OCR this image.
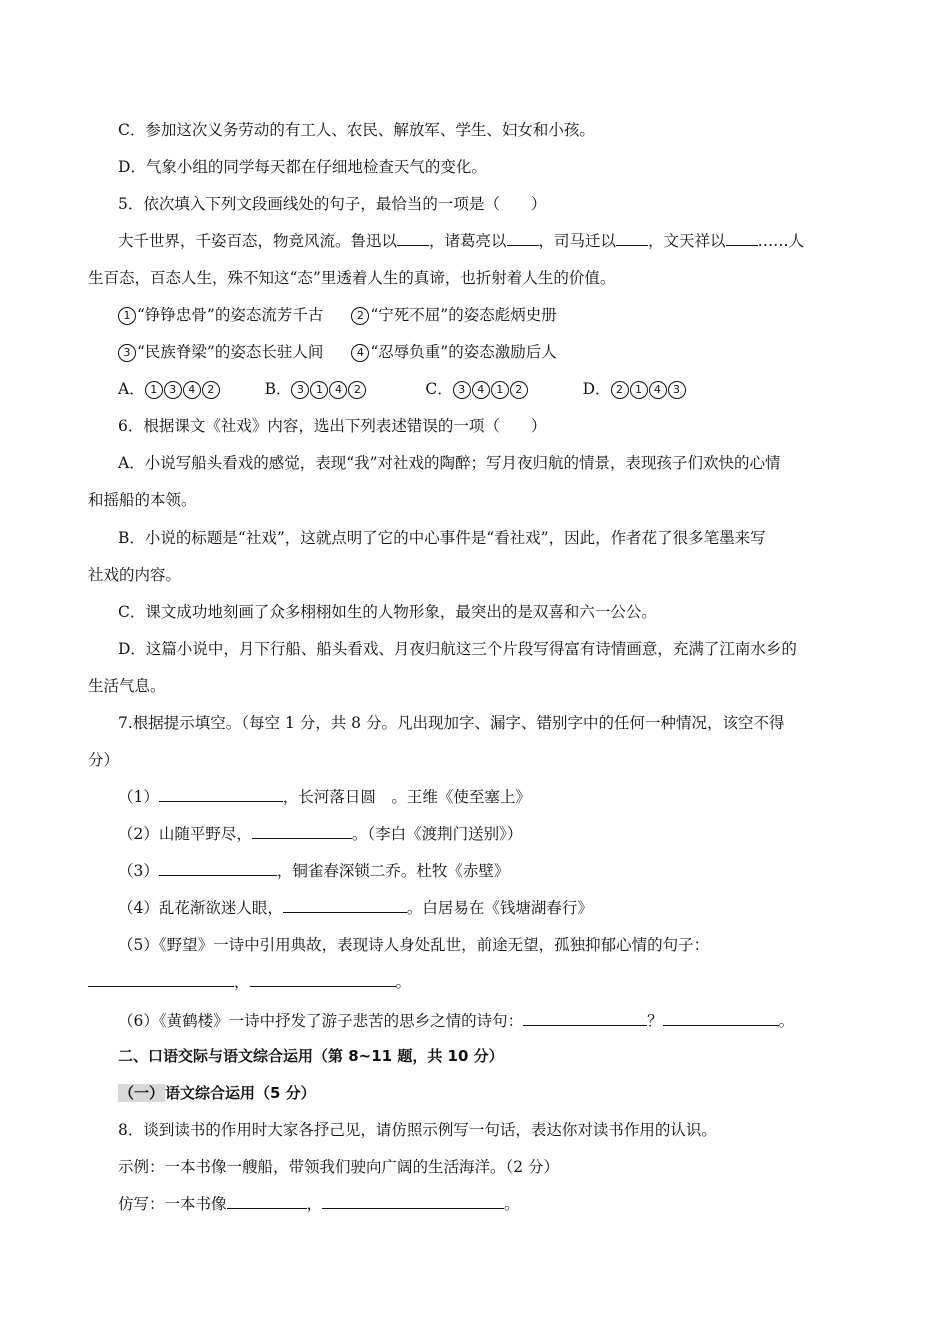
C．参加这次义务劳动的有工人、农民、解放军、学生、妇女和小孩。
D．气象小组的同学每天都在仔细地检查天气的变化。
5．依次填入下列文段画线处的句子，最恰当的一项是（　　）
大千世界，千姿百态，物竞风流。鲁迅以 ，诸葛亮以 ，司马迁以 ，文天祥以 ……人
生百态，百态人生，殊不知这“态”里透着人生的真谛，也折射着人生的价值。
1 “铮铮忠骨”的姿态流芳千古	2 “宁死不屈”的姿态彪炳史册
3 “民族脊梁”的姿态长驻人间	4 “忍辱负重”的姿态激励后人
A． 1 3 4 2	B． 3 1 4 2	C． 3 4 1 2	D． 2 1 4 3
6．根据课文《社戏》内容，选出下列表述错误的一项（　　）
A．小说写船头看戏的感觉，表现“我”对社戏的陶醉；写月夜归航的情景，表现孩子们欢快的心情
和摇船的本领。
B．小说的标题是“社戏”，这就点明了它的中心事件是“看社戏”，因此，作者花了很多笔墨来写
社戏的内容。
C．课文成功地刻画了众多栩栩如生的人物形象，最突出的是双喜和六一公公。
D．这篇小说中，月下行船、船头看戏、月夜归航这三个片段写得富有诗情画意，充满了江南水乡的
生活气息。
7.根据提示填空。（每空 1 分，共 8 分。凡出现加字、漏字、错别字中的任何一种情况，该空不得
分）
（1）	，长河落日圆　。王维《使至塞上》
（2）山随平野尽，	。（李白《渡荆门送别》）
（3）	，铜雀春深锁二乔。杜牧《赤壁》
（4）乱花渐欲迷人眼，	。白居易在《钱塘湖春行》
（5）《野望》一诗中引用典故，表现诗人身处乱世，前途无望，孤独抑郁心情的句子：
，	。
（6）《黄鹤楼》一诗中抒发了游子悲苦的思乡之情的诗句：	？	。
二、口语交际与语文综合运用（第 8~11 题，共 10 分）
（一）语文综合运用（5 分）
8．谈到读书的作用时大家各抒己见，请仿照示例写一句话，表达你对读书作用的认识。
示例：一本书像一艘船，带领我们驶向广阔的生活海洋。（2 分）
仿写：一本书像	，	。
